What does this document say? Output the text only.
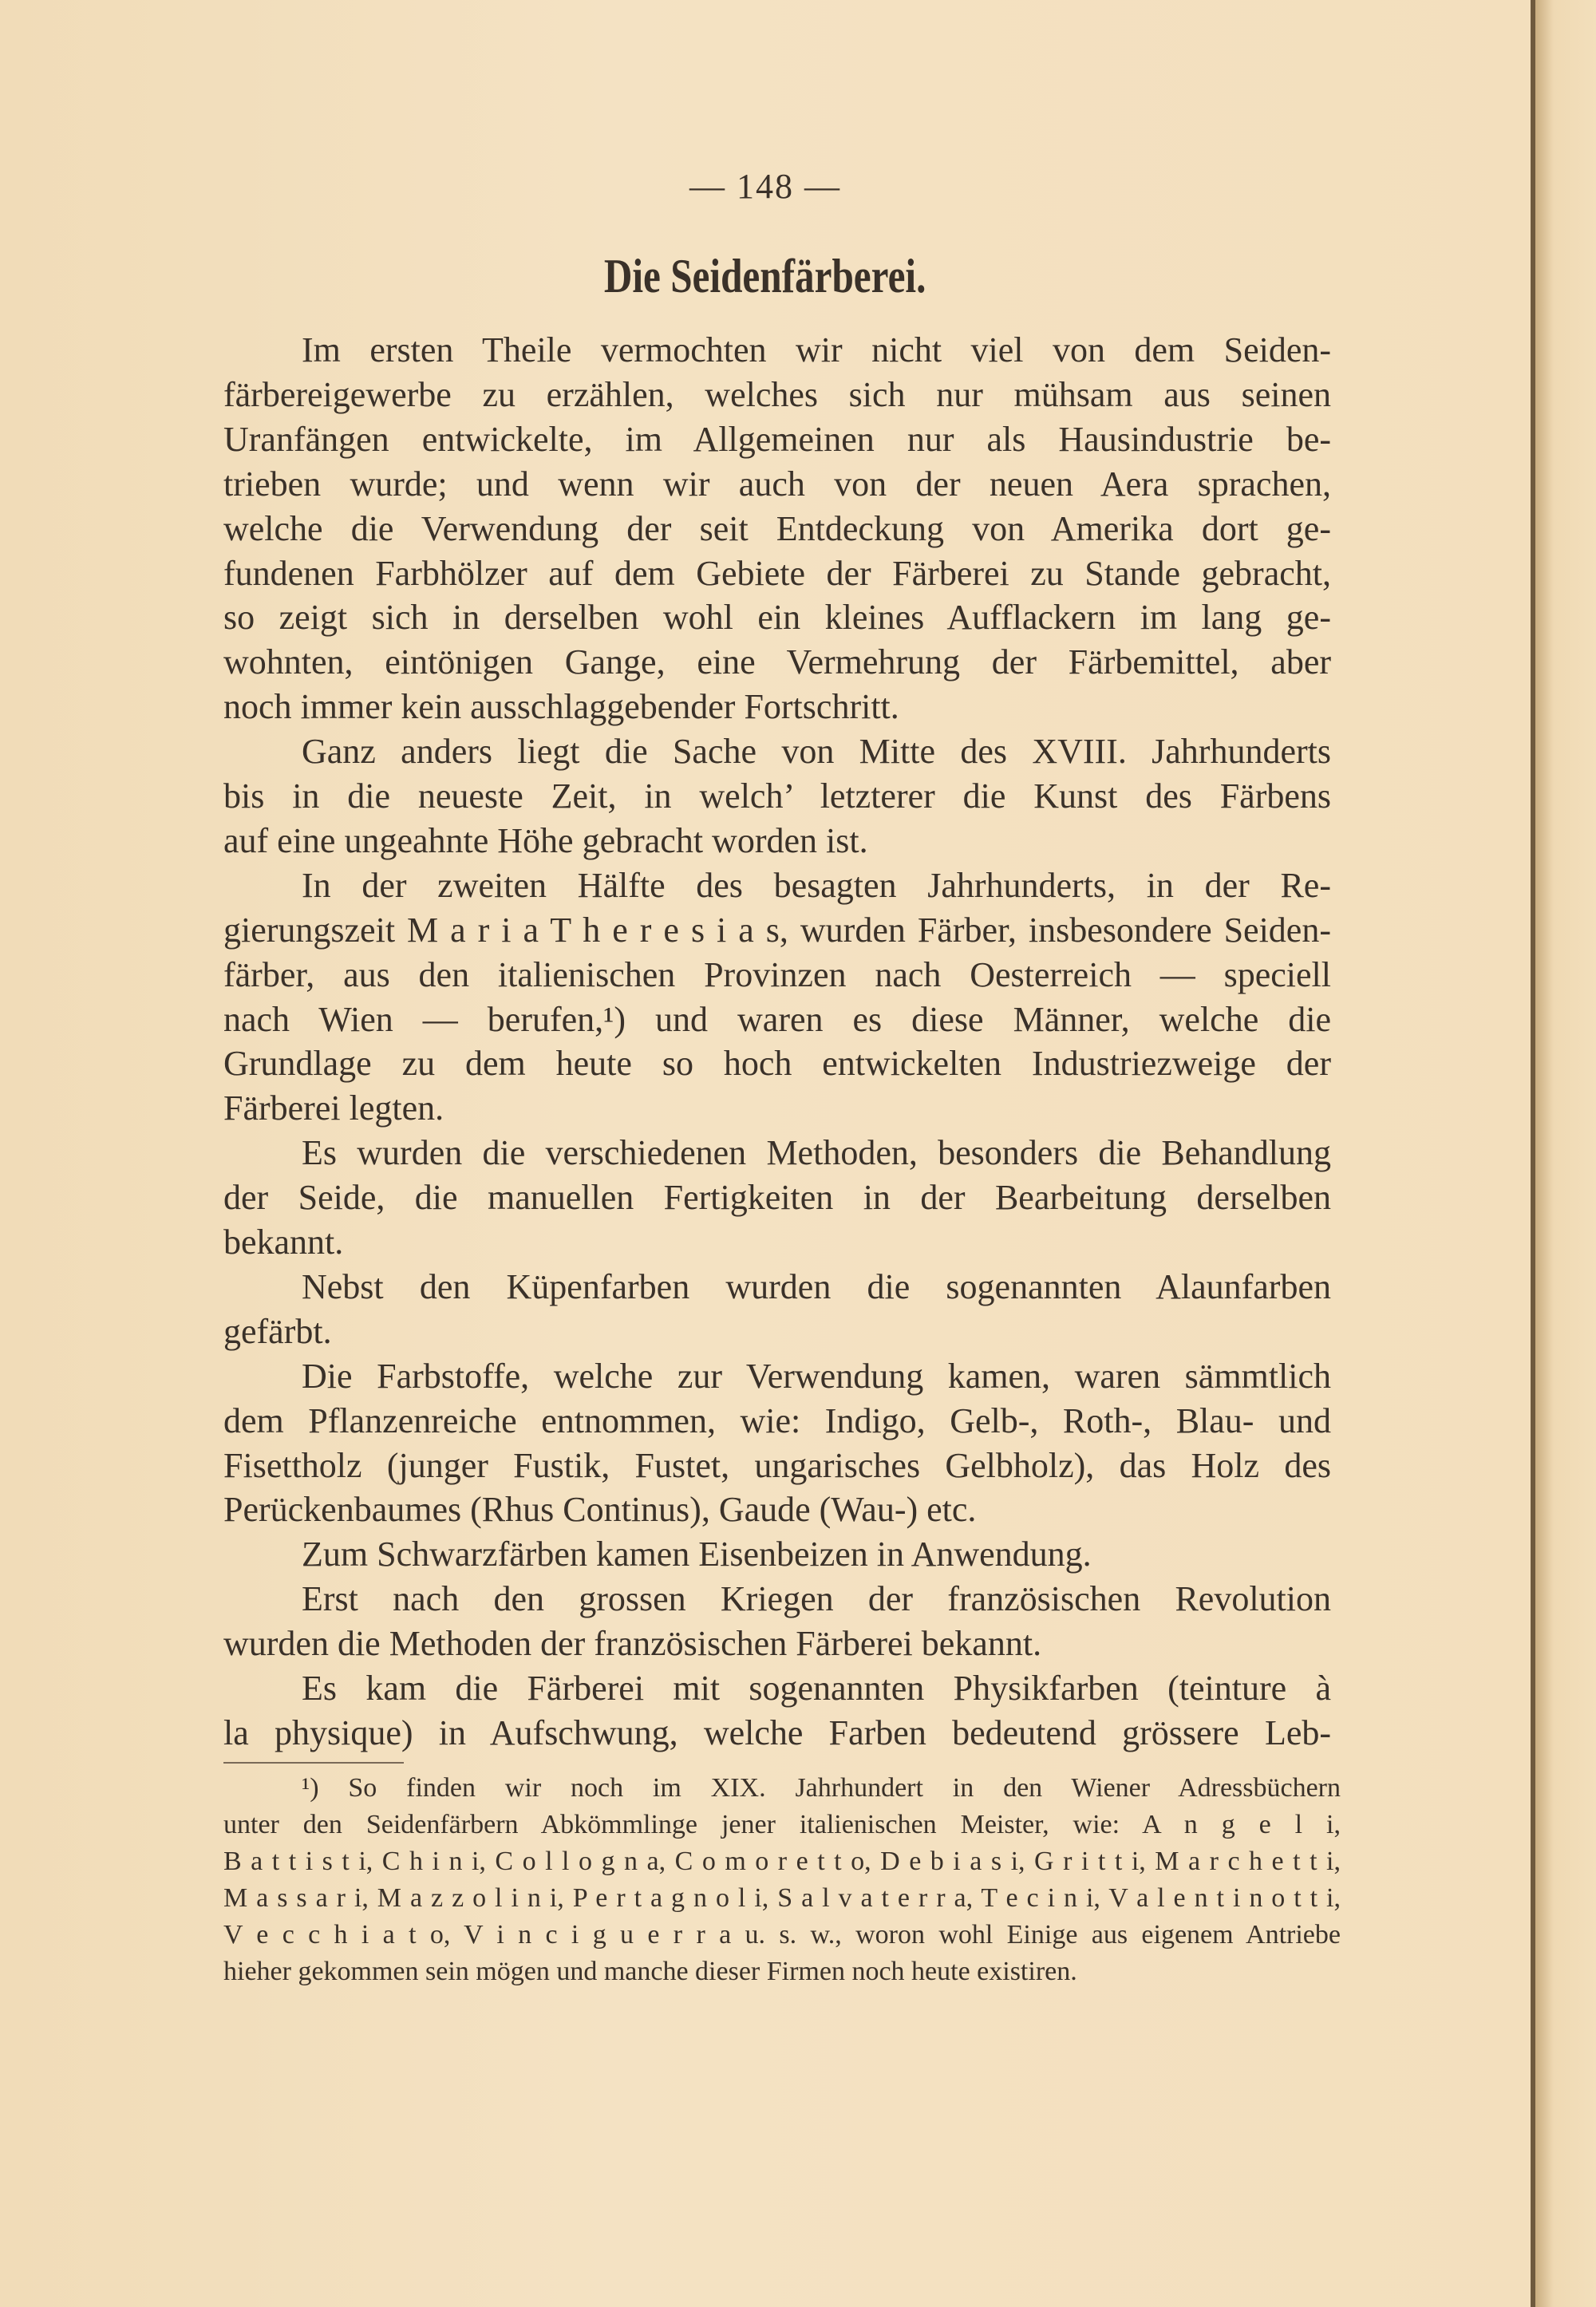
— 148 —
Die Seidenfärberei.
Im ersten Theile vermochten wir nicht viel von dem Seiden-
färbereigewerbe zu erzählen, welches sich nur mühsam aus seinen
Uranfängen entwickelte, im Allgemeinen nur als Hausindustrie be-
trieben wurde; und wenn wir auch von der neuen Aera sprachen,
welche die Verwendung der seit Entdeckung von Amerika dort ge-
fundenen Farbhölzer auf dem Gebiete der Färberei zu Stande gebracht,
so zeigt sich in derselben wohl ein kleines Aufflackern im lang ge-
wohnten, eintönigen Gange, eine Vermehrung der Färbemittel, aber
noch immer kein ausschlaggebender Fortschritt.
Ganz anders liegt die Sache von Mitte des XVIII. Jahrhunderts
bis in die neueste Zeit, in welch’ letzterer die Kunst des Färbens
auf eine ungeahnte Höhe gebracht worden ist.
In der zweiten Hälfte des besagten Jahrhunderts, in der Re-
gierungszeit M a r i a T h e r e s i a s, wurden Färber, insbesondere Seiden-
färber, aus den italienischen Provinzen nach Oesterreich — speciell
nach Wien — berufen,¹) und waren es diese Männer, welche die
Grundlage zu dem heute so hoch entwickelten Industriezweige der
Färberei legten.
Es wurden die verschiedenen Methoden, besonders die Behandlung
der Seide, die manuellen Fertigkeiten in der Bearbeitung derselben
bekannt.
Nebst den Küpenfarben wurden die sogenannten Alaunfarben
gefärbt.
Die Farbstoffe, welche zur Verwendung kamen, waren sämmtlich
dem Pflanzenreiche entnommen, wie: Indigo, Gelb-, Roth-, Blau- und
Fisettholz (junger Fustik, Fustet, ungarisches Gelbholz), das Holz des
Perückenbaumes (Rhus Continus), Gaude (Wau-) etc.
Zum Schwarzfärben kamen Eisenbeizen in Anwendung.
Erst nach den grossen Kriegen der französischen Revolution
wurden die Methoden der französischen Färberei bekannt.
Es kam die Färberei mit sogenannten Physikfarben (teinture à
la physique) in Aufschwung, welche Farben bedeutend grössere Leb-
¹) So finden wir noch im XIX. Jahrhundert in den Wiener Adressbüchern
unter den Seidenfärbern Abkömmlinge jener italienischen Meister, wie: A n g e l i,
B a t t i s t i, C h i n i, C o l l o g n a, C o m o r e t t o, D e b i a s i, G r i t t i, M a r c h e t t i,
M a s s a r i, M a z z o l i n i, P e r t a g n o l i, S a l v a t e r r a, T e c i n i, V a l e n t i n o t t i,
V e c c h i a t o, V i n c i g u e r r a u. s. w., woron wohl Einige aus eigenem Antriebe
hieher gekommen sein mögen und manche dieser Firmen noch heute existiren.
